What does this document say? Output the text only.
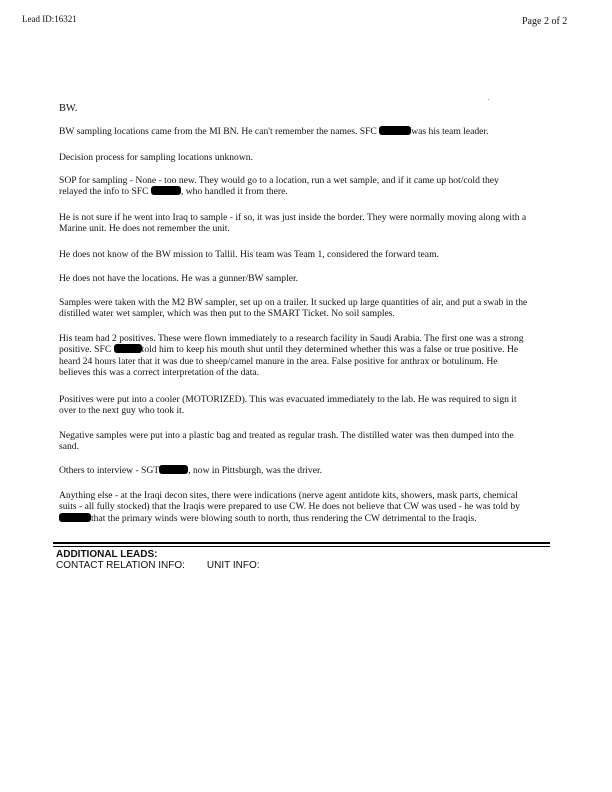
Lead ID:16321	Page 2 of 2
BW.

BW sampling locations came from the MI BN. He can't remember the names. SFC	was his team leader.

Decision process for sampling locations unknown.

SOP for sampling - None - too new. They would go to a location, run a wet sample, and if it came up hot/cold they relayed the info to SFC	, who handled it from there.

He is not sure if he went into Iraq to sample - if so, it was just inside the border. They were normally moving along with a Marine unit. He does not remember the unit.

He does not know of the BW mission to Tallil. His team was Team 1, considered the forward team.

He does not have the locations. He was a gunner/BW sampler.

Samples were taken with the M2 BW sampler, set up on a trailer. It sucked up large quantities of air, and put a swab in the distilled water wet sampler, which was then put to the SMART Ticket. No soil samples.

His team had 2 positives. These were flown immediately to a research facility in Saudi Arabia. The first one was a strong positive. SFC	told him to keep his mouth shut until they determined whether this was a false or true positive. He heard 24 hours later that it was due to sheep/camel manure in the area. False positive for anthrax or botulinum. He believes this was a correct interpretation of the data.

Positives were put into a cooler (MOTORIZED). This was evacuated immediately to the lab. He was required to sign it over to the next guy who took it.

Negative samples were put into a plastic bag and treated as regular trash. The distilled water was then dumped into the sand.

Others to interview - SGT	, now in Pittsburgh, was the driver.

Anything else - at the Iraqi decon sites, there were indications (nerve agent antidote kits, showers, mask parts, chemical suits - all fully stocked) that the Iraqis were prepared to use CW. He does not believe that CW was used - he was told by that the primary winds were blowing south to north, thus rendering the CW detrimental to the Iraqis.

ADDITIONAL LEADS:
CONTACT RELATION INFO: UNIT INFO:
